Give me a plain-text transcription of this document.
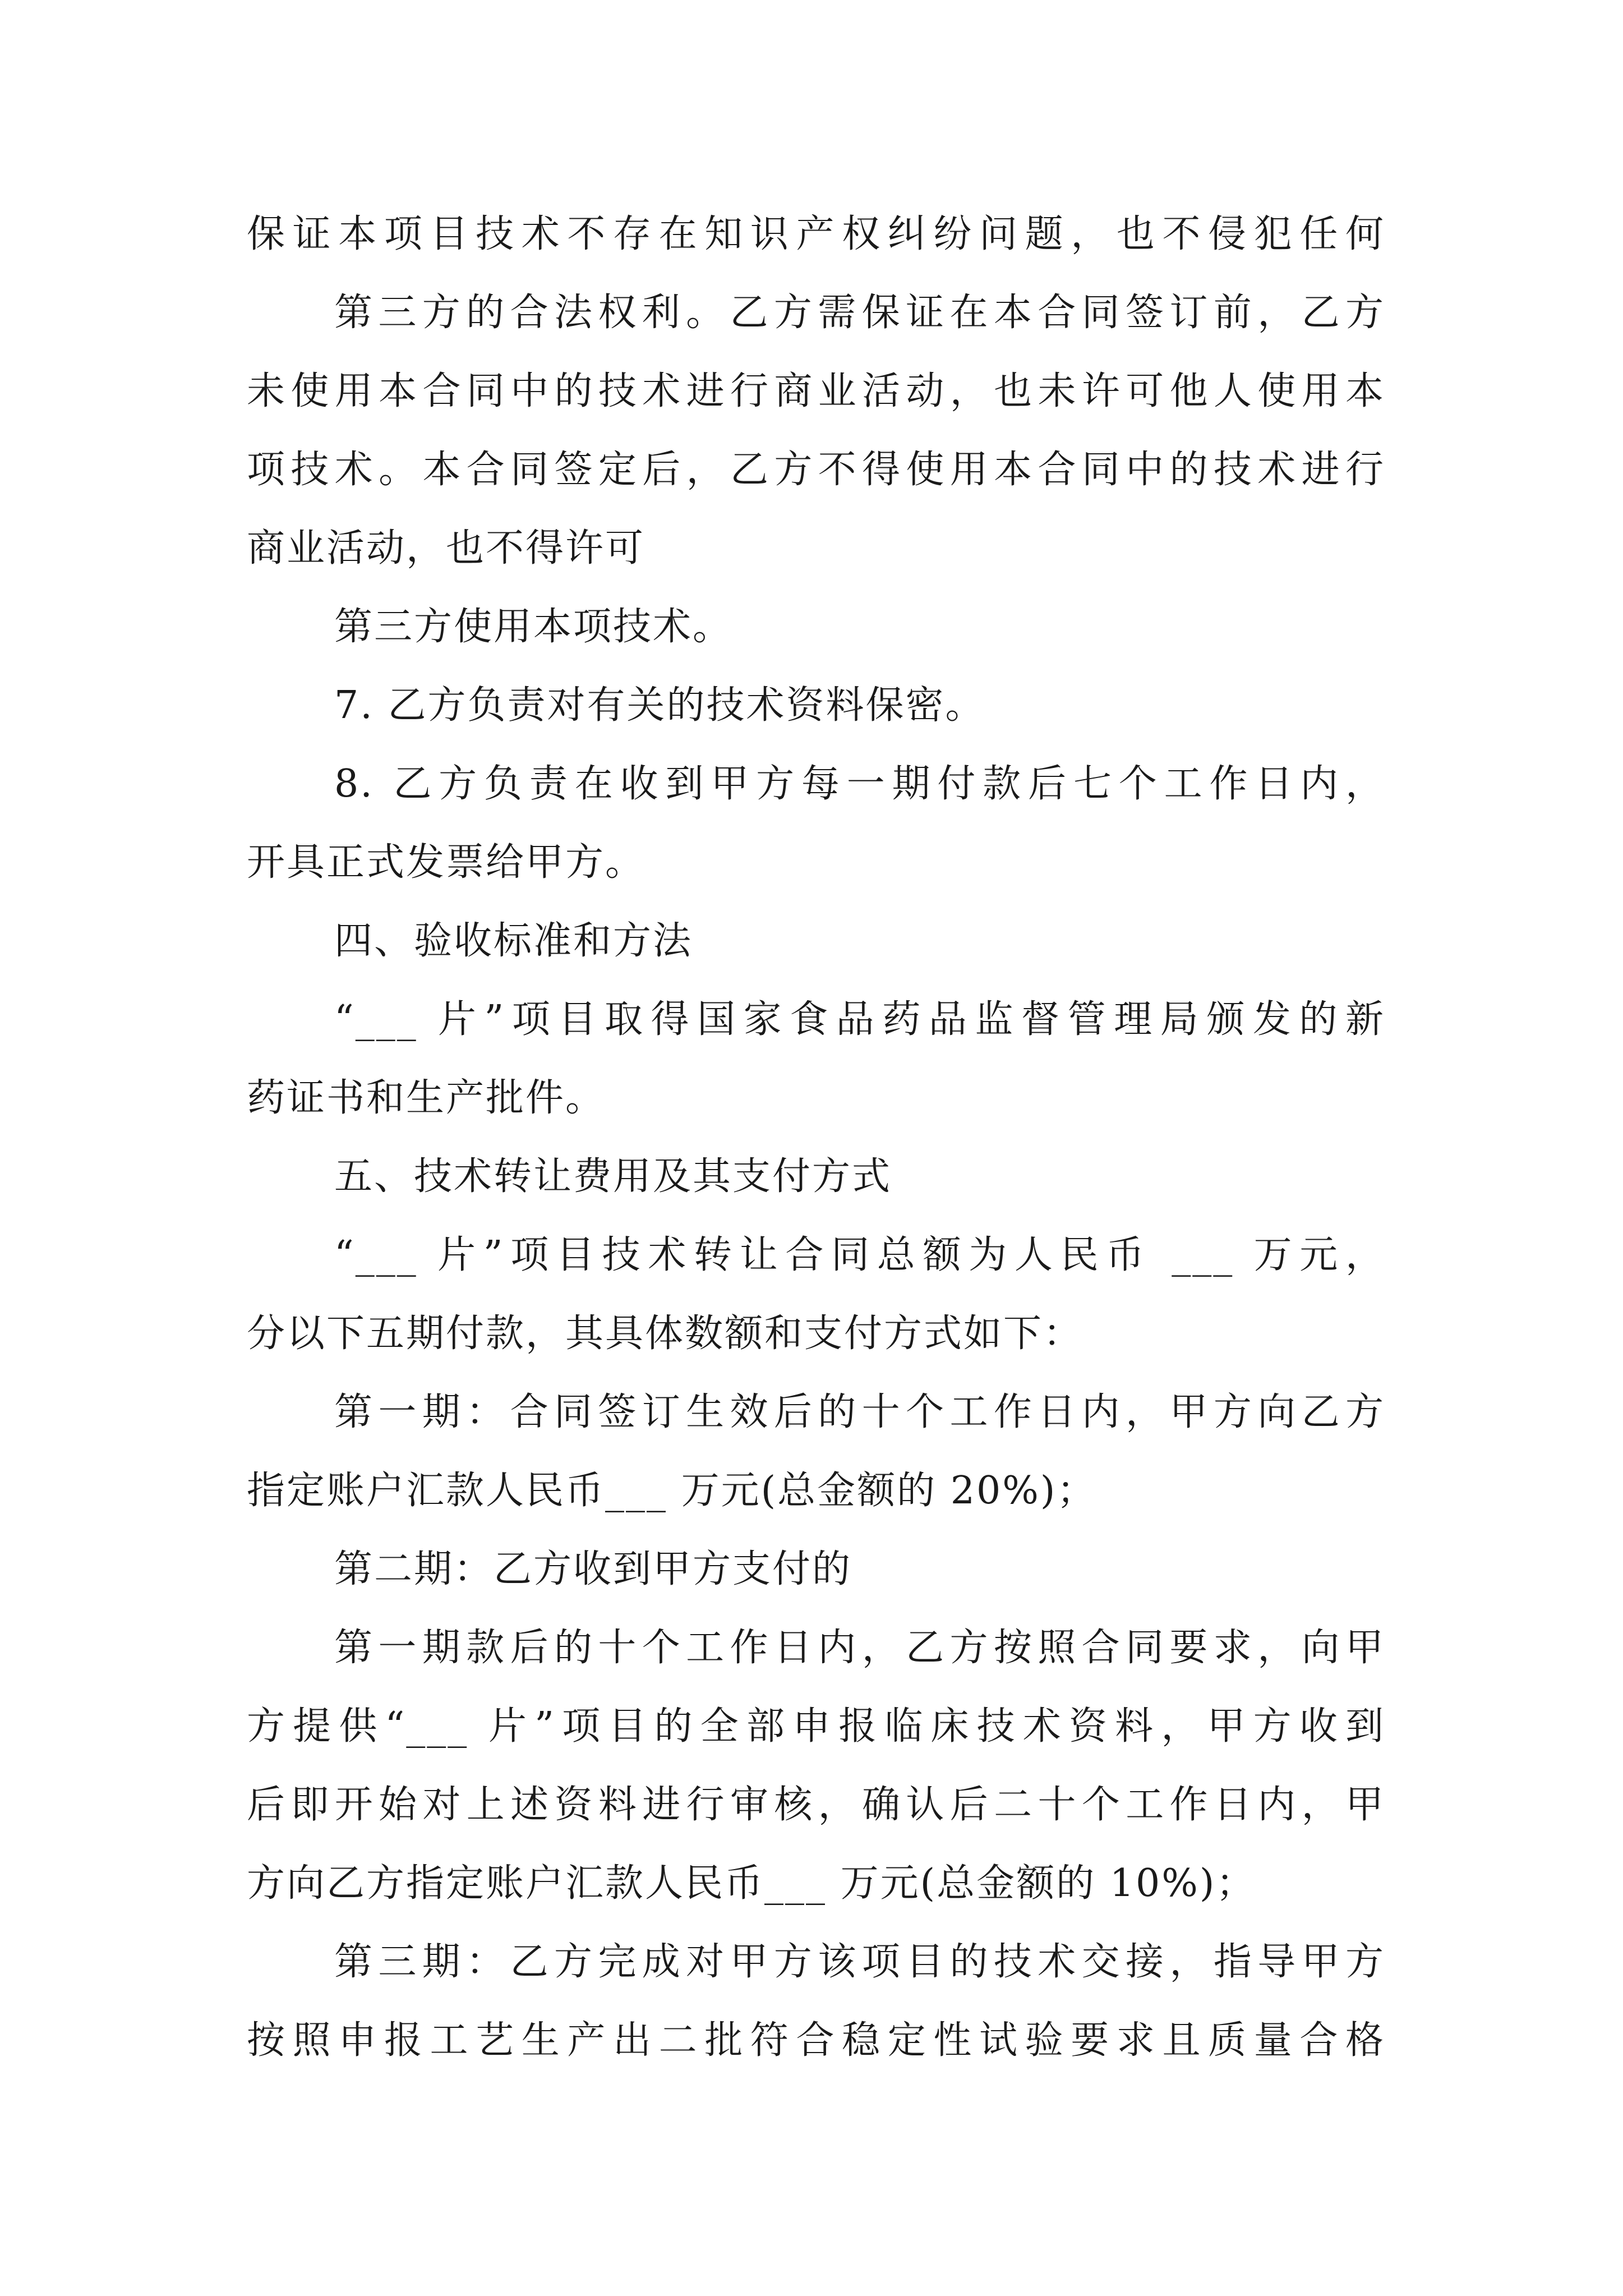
保证本项目技术不存在知识产权纠纷问题，也不侵犯任何
第三方的合法权利。乙方需保证在本合同签订前，乙方
未使用本合同中的技术进行商业活动，也未许可他人使用本
项技术。本合同签定后，乙方不得使用本合同中的技术进行
商业活动，也不得许可
第三方使用本项技术。
7. 乙方负责对有关的技术资料保密。
8. 乙方负责在收到甲方每一期付款后七个工作日内，
开具正式发票给甲方。
四、验收标准和方法
“___ 片”项目取得国家食品药品监督管理局颁发的新
药证书和生产批件。
五、技术转让费用及其支付方式
“___ 片”项目技术转让合同总额为人民币 ___ 万元，
分以下五期付款，其具体数额和支付方式如下：
第一期：合同签订生效后的十个工作日内，甲方向乙方
指定账户汇款人民币___ 万元(总金额的 20%)；
第二期：乙方收到甲方支付的
第一期款后的十个工作日内，乙方按照合同要求，向甲
方提供“___ 片”项目的全部申报临床技术资料，甲方收到
后即开始对上述资料进行审核，确认后二十个工作日内，甲
方向乙方指定账户汇款人民币___ 万元(总金额的 10%)；
第三期：乙方完成对甲方该项目的技术交接，指导甲方
按照申报工艺生产出二批符合稳定性试验要求且质量合格
